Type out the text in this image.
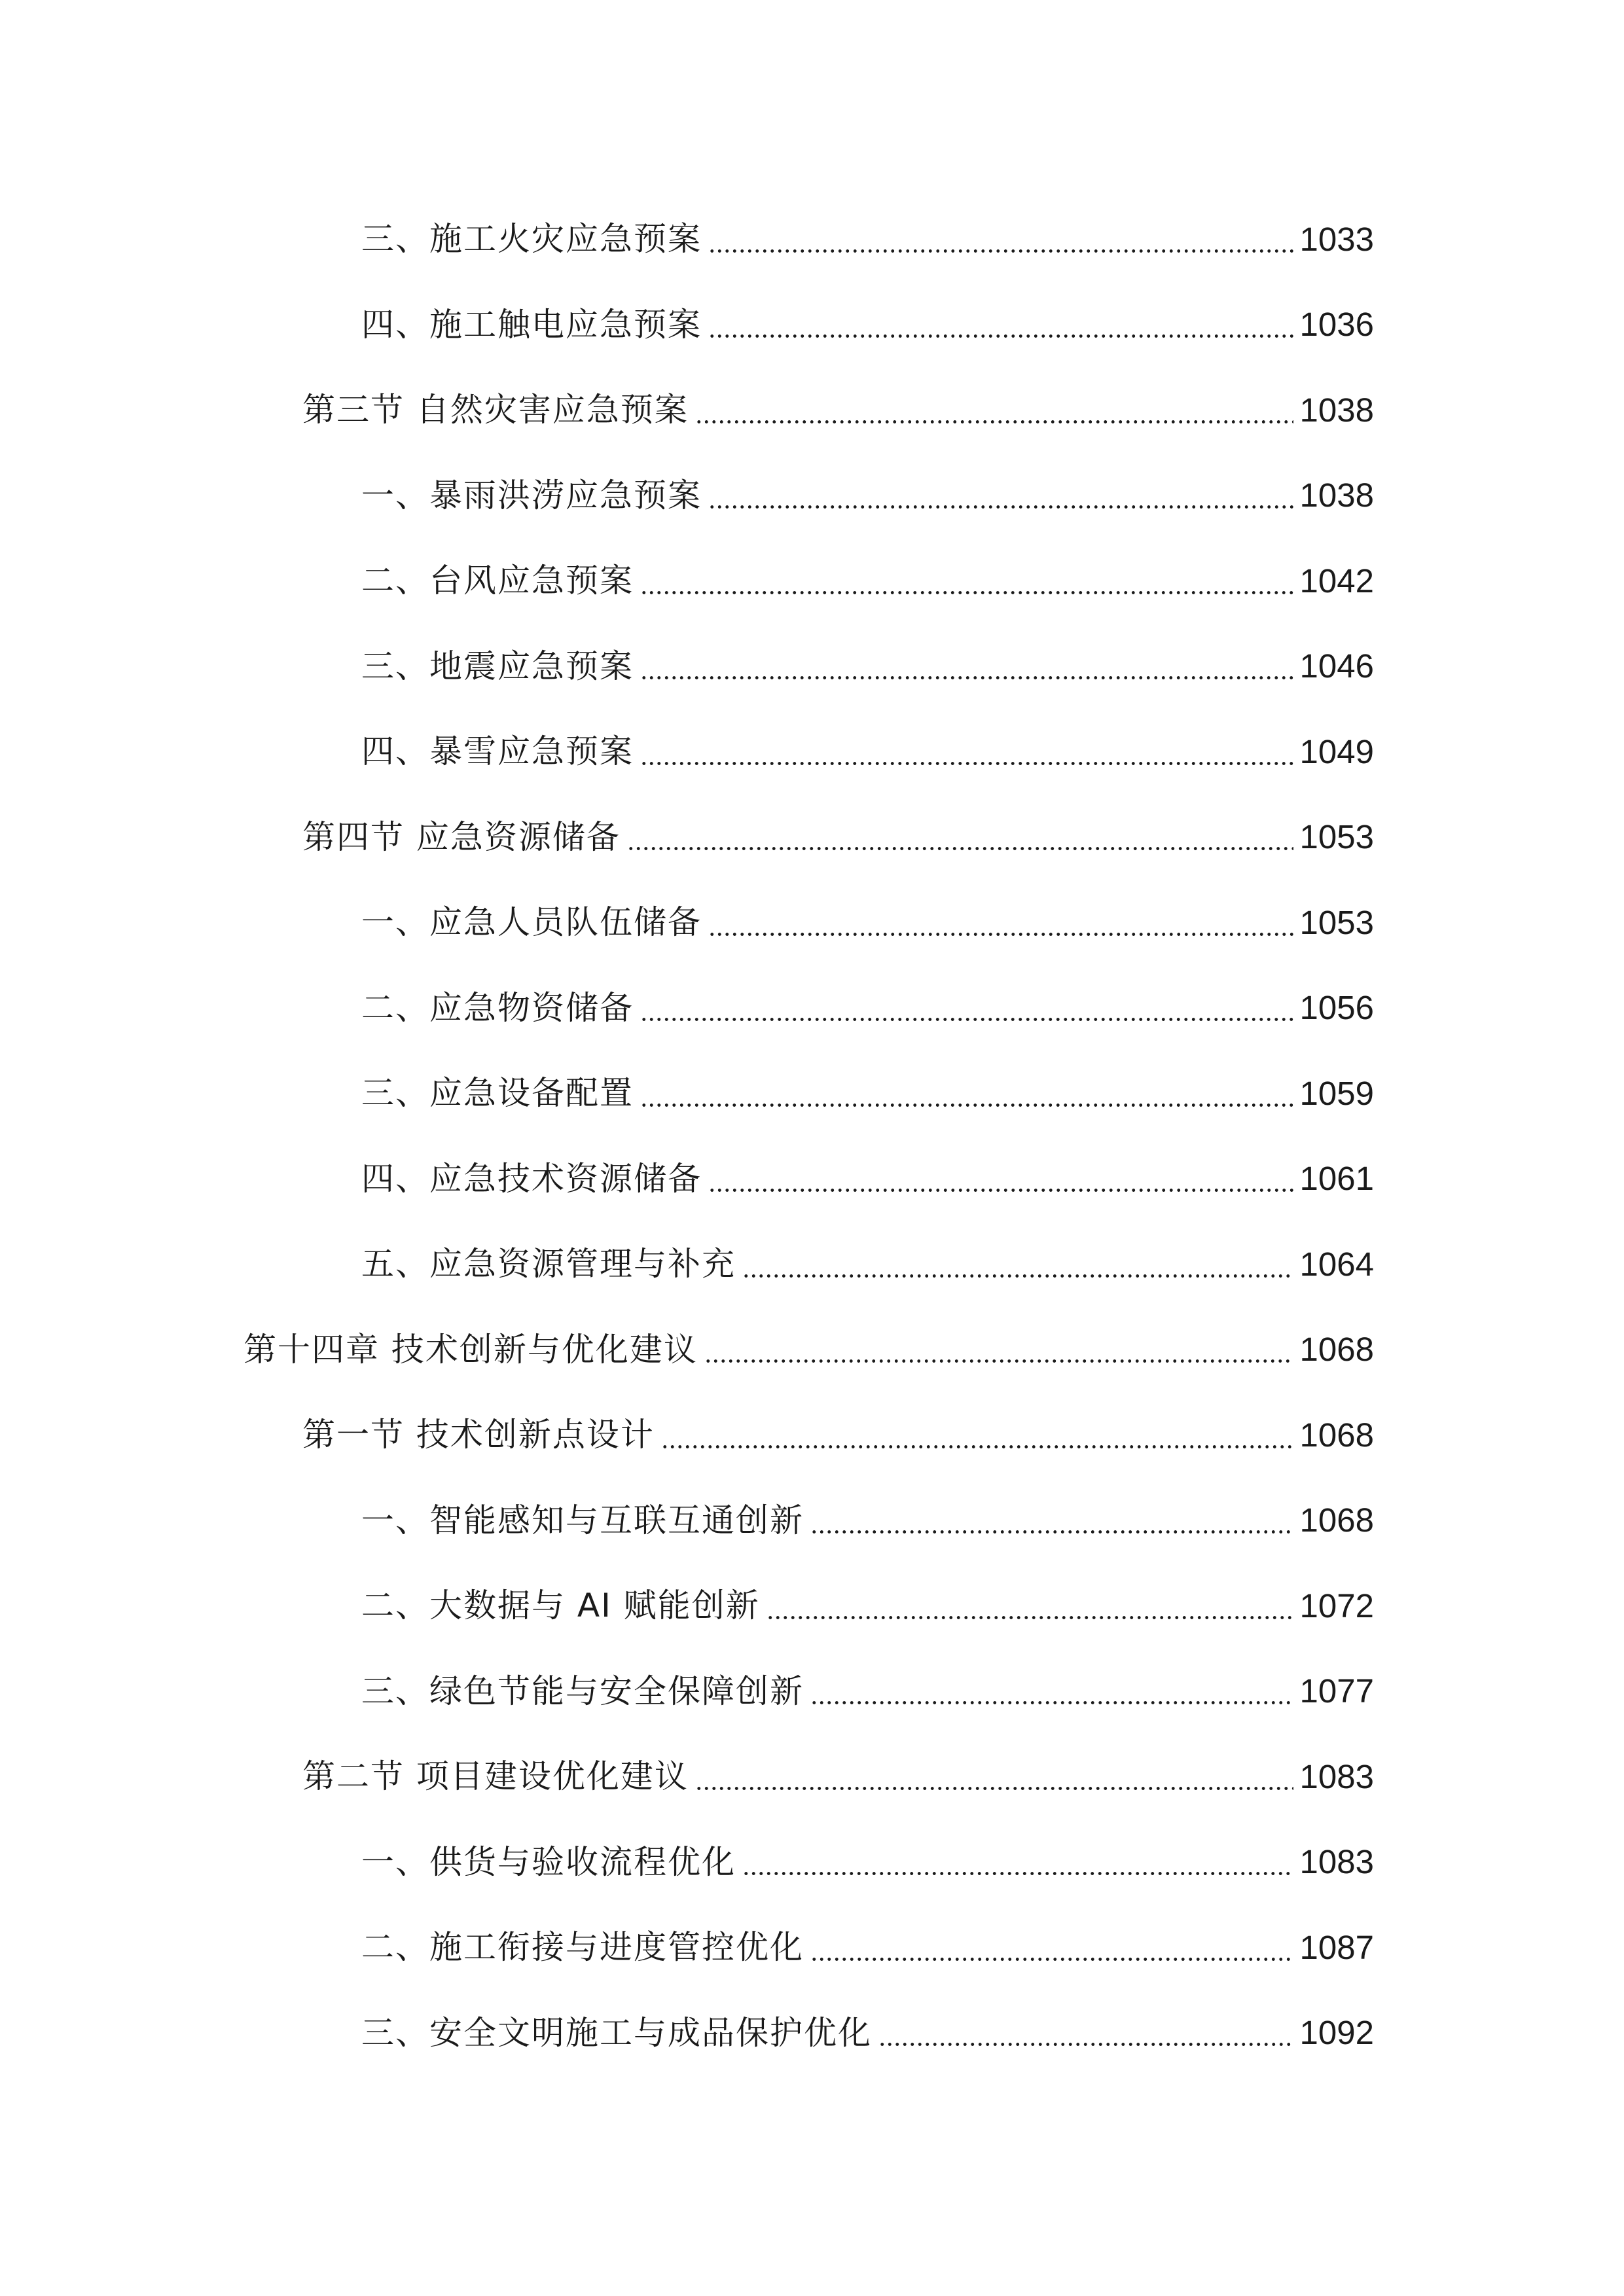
三、施工火灾应急预案	1033
四、施工触电应急预案	1036
第三节 自然灾害应急预案	1038
一、暴雨洪涝应急预案	1038
二、台风应急预案	1042
三、地震应急预案	1046
四、暴雪应急预案	1049
第四节 应急资源储备	1053
一、应急人员队伍储备	1053
二、应急物资储备	1056
三、应急设备配置	1059
四、应急技术资源储备	1061
五、应急资源管理与补充	1064
第十四章 技术创新与优化建议	1068
第一节 技术创新点设计	1068
一、智能感知与互联互通创新	1068
二、大数据与 AI 赋能创新	1072
三、绿色节能与安全保障创新	1077
第二节 项目建设优化建议	1083
一、供货与验收流程优化	1083
二、施工衔接与进度管控优化	1087
三、安全文明施工与成品保护优化	1092
